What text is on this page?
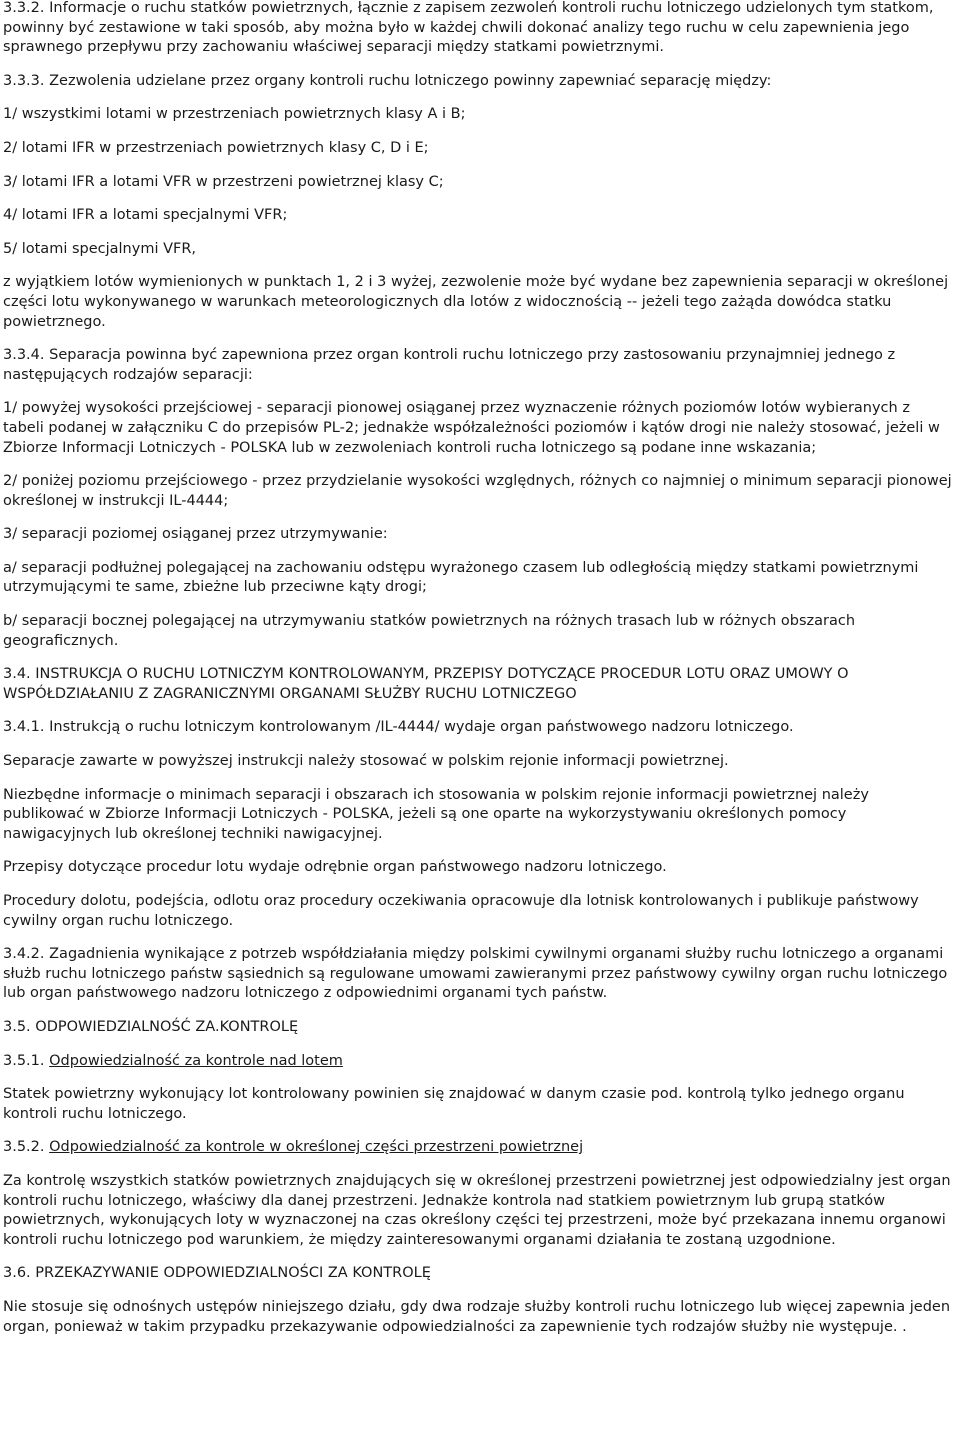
3.3.2. Informacje o ruchu statków powietrznych, łącznie z zapisem zezwoleń kontroli ruchu lotniczego udzielonych tym statkom, powinny być zestawione w taki sposób, aby można było w każdej chwili dokonać analizy tego ruchu w celu zapewnienia jego sprawnego przepływu przy zachowaniu właściwej separacji między statkami powietrznymi.

3.3.3. Zezwolenia udzielane przez organy kontroli ruchu lotniczego powinny zapewniać separację między:

1/ wszystkimi lotami w przestrzeniach powietrznych klasy A i B;

2/ lotami IFR w przestrzeniach powietrznych klasy C, D i E;

3/ lotami IFR a lotami VFR w przestrzeni powietrznej klasy C;

4/ lotami IFR a lotami specjalnymi VFR;

5/ lotami specjalnymi VFR,

z wyjątkiem lotów wymienionych w punktach 1, 2 i 3 wyżej, zezwolenie może być wydane bez zapewnienia separacji w określonej części lotu wykonywanego w warunkach meteorologicznych dla lotów z widocznością -- jeżeli tego zażąda dowódca statku powietrznego.

3.3.4. Separacja powinna być zapewniona przez organ kontroli ruchu lotniczego przy zastosowaniu przynajmniej jednego z następujących rodzajów separacji:

1/ powyżej wysokości przejściowej - separacji pionowej osiąganej przez wyznaczenie różnych poziomów lotów wybieranych z tabeli podanej w załączniku C do przepisów PL-2; jednakże współzależności poziomów i kątów drogi nie należy stosować, jeżeli w Zbiorze Informacji Lotniczych - POLSKA lub w zezwoleniach kontroli rucha lotniczego są podane inne wskazania;

2/ poniżej poziomu przejściowego - przez przydzielanie wysokości względnych, różnych co najmniej o minimum separacji pionowej określonej w instrukcji IL-4444;

3/ separacji poziomej osiąganej przez utrzymywanie:

a/ separacji podłużnej polegającej na zachowaniu odstępu wyrażonego czasem lub odległością między statkami powietrznymi utrzymującymi te same, zbieżne lub przeciwne kąty drogi;

b/ separacji bocznej polegającej na utrzymywaniu statków powietrznych na różnych trasach lub w różnych obszarach geograficznych.

3.4. INSTRUKCJA O RUCHU LOTNICZYM KONTROLOWANYM, PRZEPISY DOTYCZĄCE PROCEDUR LOTU ORAZ UMOWY O WSPÓŁDZIAŁANIU Z ZAGRANICZNYMI ORGANAMI SŁUŻBY RUCHU LOTNICZEGO

3.4.1. Instrukcją o ruchu lotniczym kontrolowanym /IL-4444/ wydaje organ państwowego nadzoru lotniczego.

Separacje zawarte w powyższej instrukcji należy stosować w polskim rejonie informacji powietrznej.

Niezbędne informacje o minimach separacji i obszarach ich stosowania w polskim rejonie informacji powietrznej należy publikować w Zbiorze Informacji Lotniczych - POLSKA, jeżeli są one oparte na wykorzystywaniu określonych pomocy nawigacyjnych lub określonej techniki nawigacyjnej.

Przepisy dotyczące procedur lotu wydaje odrębnie organ państwowego nadzoru lotniczego.

Procedury dolotu, podejścia, odlotu oraz procedury oczekiwania opracowuje dla lotnisk kontrolowanych i publikuje państwowy cywilny organ ruchu lotniczego.

3.4.2. Zagadnienia wynikające z potrzeb współdziałania między polskimi cywilnymi organami służby ruchu lotniczego a organami służb ruchu lotniczego państw sąsiednich są regulowane umowami zawieranymi przez państwowy cywilny organ ruchu lotniczego lub organ państwowego nadzoru lotniczego z odpowiednimi organami tych państw.

3.5. ODPOWIEDZIALNOŚĆ ZA.KONTROLĘ

3.5.1. Odpowiedzialność za kontrole nad lotem

Statek powietrzny wykonujący lot kontrolowany powinien się znajdować w danym czasie pod. kontrolą tylko jednego organu kontroli ruchu lotniczego.

3.5.2. Odpowiedzialność za kontrole w określonej części przestrzeni powietrznej

Za kontrolę wszystkich statków powietrznych znajdujących się w określonej przestrzeni powietrznej jest odpowiedzialny jest organ kontroli ruchu lotniczego, właściwy dla danej przestrzeni. Jednakże kontrola nad statkiem powietrznym lub grupą statków powietrznych, wykonujących loty w wyznaczonej na czas określony części tej przestrzeni, może być przekazana innemu organowi kontroli ruchu lotniczego pod warunkiem, że między zainteresowanymi organami działania te zostaną uzgodnione.

3.6. PRZEKAZYWANIE ODPOWIEDZIALNOŚCI ZA KONTROLĘ

Nie stosuje się odnośnych ustępów niniejszego działu, gdy dwa rodzaje służby kontroli ruchu lotniczego lub więcej zapewnia jeden organ, ponieważ w takim przypadku przekazywanie odpowiedzialności za zapewnienie tych rodzajów służby nie występuje. .
